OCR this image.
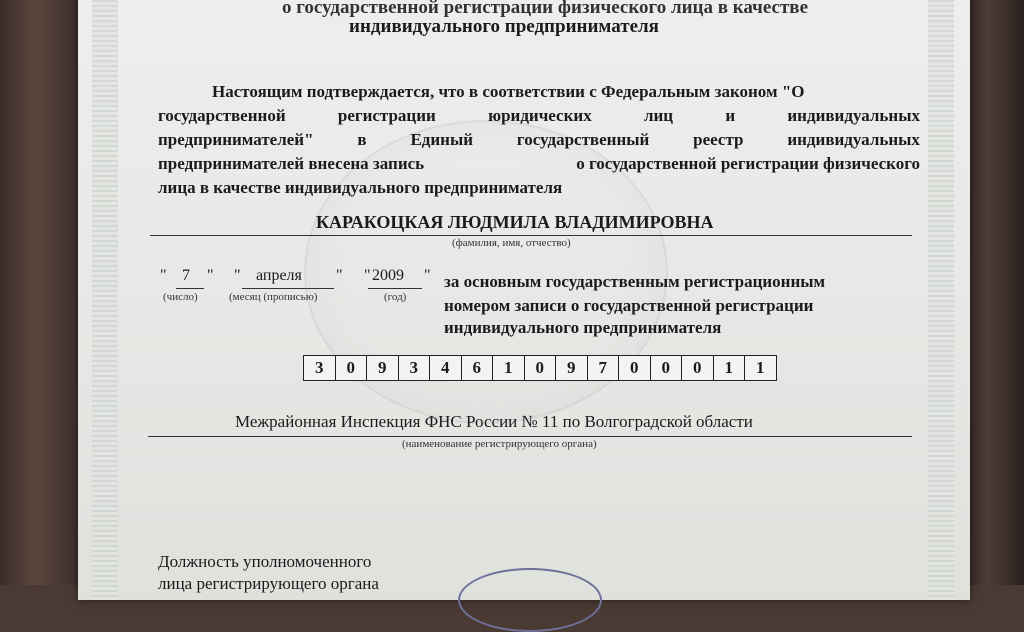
о государственной регистрации физического лица в качестве
индивидуального предпринимателя
Настоящим подтверждается, что в соответствии с Федеральным законом "О
государственной	регистрации	юридических	лиц	и	индивидуальных
предпринимателей"	в	Единый	государственный	реестр	индивидуальных
предпринимателей внесена запись	о государственной регистрации физического
лица в качестве индивидуального предпринимателя
КАРАКОЦКАЯ ЛЮДМИЛА ВЛАДИМИРОВНА
(фамилия, имя, отчество)
" 7 "
(число)
" апреля "
(месяц (прописью)
" 2009 "
(год)
за основным государственным регистрационным
номером записи о государственной регистрации
индивидуального предпринимателя
3	0	9	3	4	6	1	0	9	7	0	0	0	1	1
Межрайонная Инспекция ФНС России № 11 по Волгоградской области
(наименование регистрирующего органа)
Должность уполномоченного
лица регистрирующего органа
